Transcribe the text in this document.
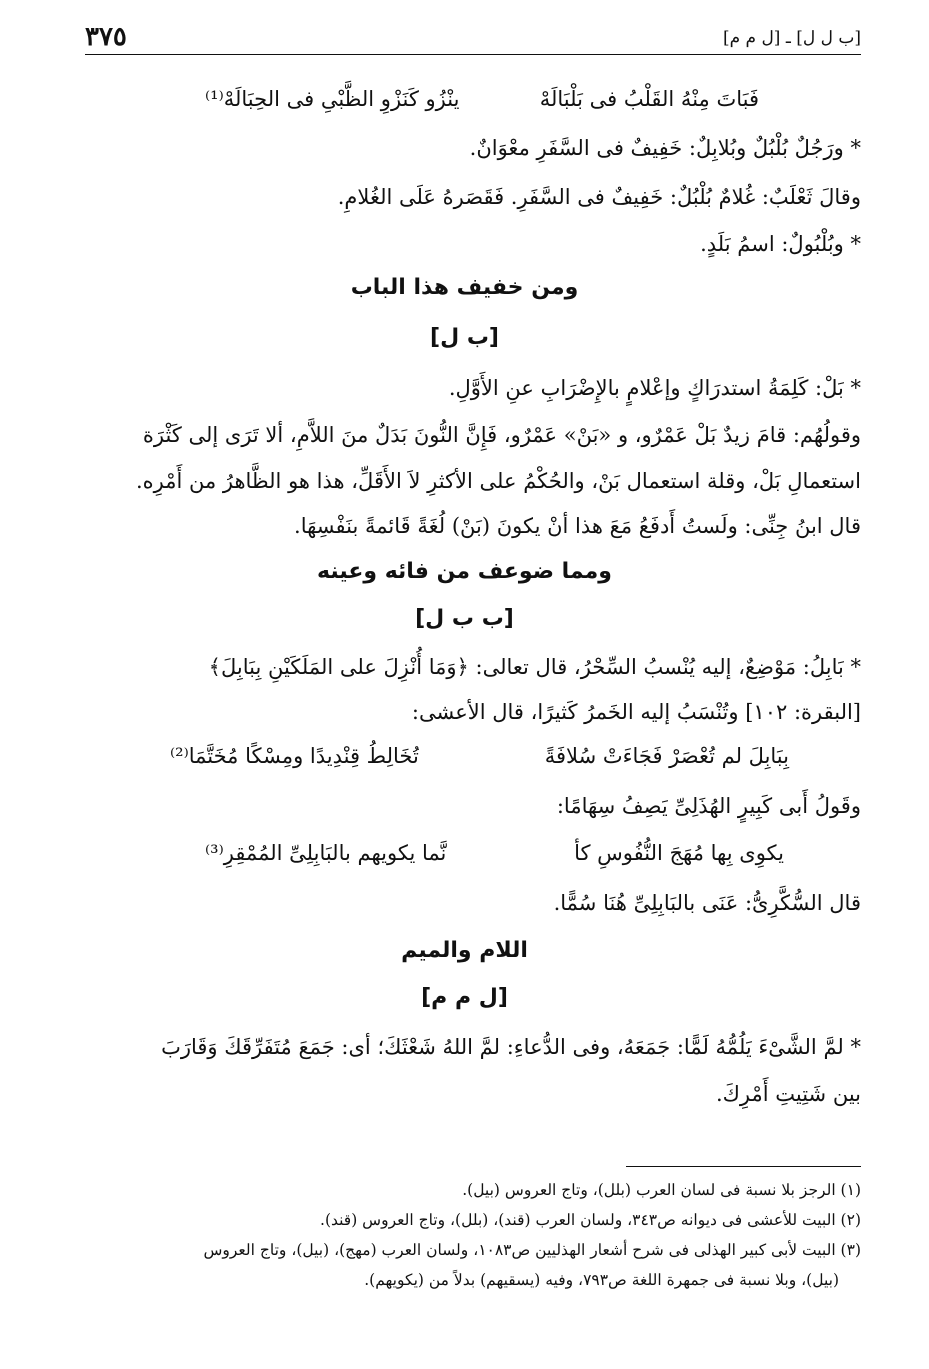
[ب ل ل] ـ [ل م م]
٣٧٥
فَبَاتَ مِنْهُ القَلْبُ فى بَلْبَالَهْ
ينْزُو كَنَزْوِ الظَّبْىِ فى الحِبَالَهْ⁽¹⁾
* ورَجُلٌ بُلْبُلٌ وبُلابِلٌ: خَفِيفٌ فى السَّفَرِ معْوَانٌ.
وقالَ ثَعْلَبٌ: غُلامٌ بُلْبُلٌ: خَفِيفٌ فى السَّفَرِ. فَقَصَرهُ عَلَى الغُلامِ.
* وبُلْبُولٌ: اسمُ بَلَدٍ.
ومن خفيف هذا الباب
[ب ل]
* بَلْ: كَلِمَةُ استدرَاكٍ وإعْلامٍ بالإِضْرَابِ عنِ الأَوَّلِ.
وقولُهُم: قامَ زيدٌ بَلْ عَمْرٌو، و «بَنْ» عَمْرٌو، فَإِنَّ النُّونَ بَدَلٌ منَ اللاَّمِ، ألا تَرَى إلى كَثْرَة
استعمالِ بَلْ، وقلة استعمال بَنْ، والحُكْمُ على الأكثرِ لاَ الأَقَلِّ، هذا هو الظَّاهرُ من أَمْرِه.
قال ابنُ جِنِّى: ولَستُ أَدفَعُ مَعَ هذا أنْ يكونَ (بَنْ) لُغَةً قَائمةً بنَفْسِهَا.
ومما ضوعف من فائه وعينه
[ب ب ل]
* بَابِلُ: مَوْضِعٌ، إليه يُنْسبُ السِّحْرُ، قال تعالى: ﴿وَمَا أُنْزِلَ على المَلَكَيْنِ بِبَابِلَ﴾
[البقرة: ١٠٢] وتُنْسَبُ إليه الخَمرُ كَثيرًا، قال الأعشى:
بِبَابِلَ لم تُعْصَرْ فَجَاءَتْ سُلافَةً
تُخَالِطُ قِنْدِيدًا ومِسْكًا مُخَتَّمَا⁽²⁾
وقَولُ أَبى كَبِيرٍ الهُذَلِىِّ يَصِفُ سِهَامًا:
يكوِى بِها مُهَجَ النُّفُوسِ كأ
نَّما يكويهم بالبَابِلِىِّ المُمْقِرِ⁽³⁾
قال السُّكَّرِىُّ: عَنَى بالبَابِلِىِّ هُنَا سُمًّا.
اللام والميم
[ل م م]
* لمَّ الشَّىْءَ يَلُمُّهُ لَمًّا: جَمَعَهُ، وفى الدُّعاءِ: لمَّ اللهُ شَعْثَكَ؛ أى: جَمَعَ مُتَفَرِّقَكَ وَقَارَبَ
بين شَتِيتِ أَمْرِكَ.
(١) الرجز بلا نسبة فى لسان العرب (بلل)، وتاج العروس (بيل).
(٢) البيت للأعشى فى ديوانه ص٣٤٣، ولسان العرب (قند)، (بلل)، وتاج العروس (قند).
(٣) البيت لأبى كبير الهذلى فى شرح أشعار الهذليين ص١٠٨٣، ولسان العرب (مهج)، (بيل)، وتاج العروس
(بيل)، وبلا نسبة فى جمهرة اللغة ص٧٩٣، وفيه (يسقيهم) بدلاً من (يكويهم).
